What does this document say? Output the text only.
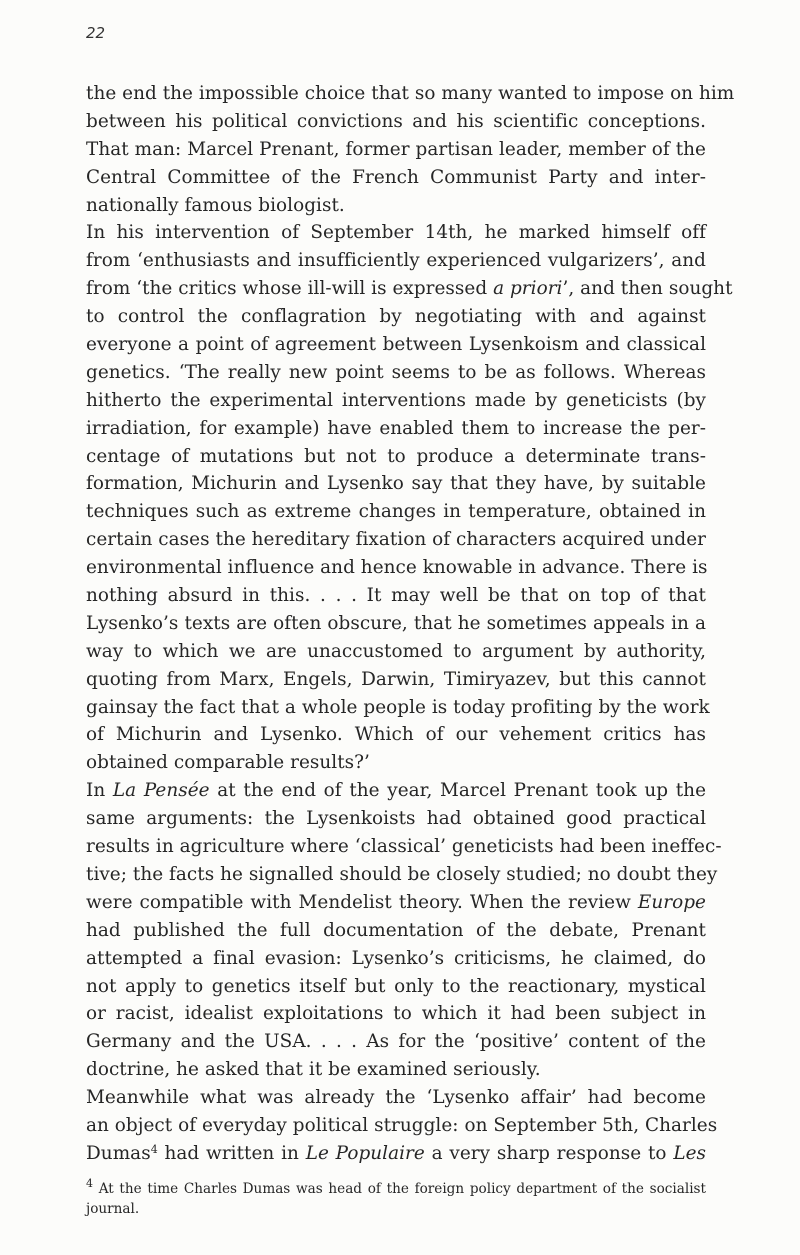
22
the end the impossible choice that so many wanted to impose on him
between his political convictions and his scientific conceptions.
That man: Marcel Prenant, former partisan leader, member of the
Central Committee of the French Communist Party and inter-
nationally famous biologist.
In his intervention of September 14th, he marked himself off
from ‘enthusiasts and insufficiently experienced vulgarizers’, and
from ‘the critics whose ill-will is expressed a priori’, and then sought
to control the conflagration by negotiating with and against
everyone a point of agreement between Lysenkoism and classical
genetics. ‘The really new point seems to be as follows. Whereas
hitherto the experimental interventions made by geneticists (by
irradiation, for example) have enabled them to increase the per-
centage of mutations but not to produce a determinate trans-
formation, Michurin and Lysenko say that they have, by suitable
techniques such as extreme changes in temperature, obtained in
certain cases the hereditary fixation of characters acquired under
environmental influence and hence knowable in advance. There is
nothing absurd in this. . . . It may well be that on top of that
Lysenko’s texts are often obscure, that he sometimes appeals in a
way to which we are unaccustomed to argument by authority,
quoting from Marx, Engels, Darwin, Timiryazev, but this cannot
gainsay the fact that a whole people is today profiting by the work
of Michurin and Lysenko. Which of our vehement critics has
obtained comparable results?’
In La Pensée at the end of the year, Marcel Prenant took up the
same arguments: the Lysenkoists had obtained good practical
results in agriculture where ‘classical’ geneticists had been ineffec-
tive; the facts he signalled should be closely studied; no doubt they
were compatible with Mendelist theory. When the review Europe
had published the full documentation of the debate, Prenant
attempted a final evasion: Lysenko’s criticisms, he claimed, do
not apply to genetics itself but only to the reactionary, mystical
or racist, idealist exploitations to which it had been subject in
Germany and the USA. . . . As for the ‘positive’ content of the
doctrine, he asked that it be examined seriously.
Meanwhile what was already the ‘Lysenko affair’ had become
an object of everyday political struggle: on September 5th, Charles
Dumas$^4$ had written in Le Populaire a very sharp response to Les
$^4$ At the time Charles Dumas was head of the foreign policy department of the socialist
journal.
